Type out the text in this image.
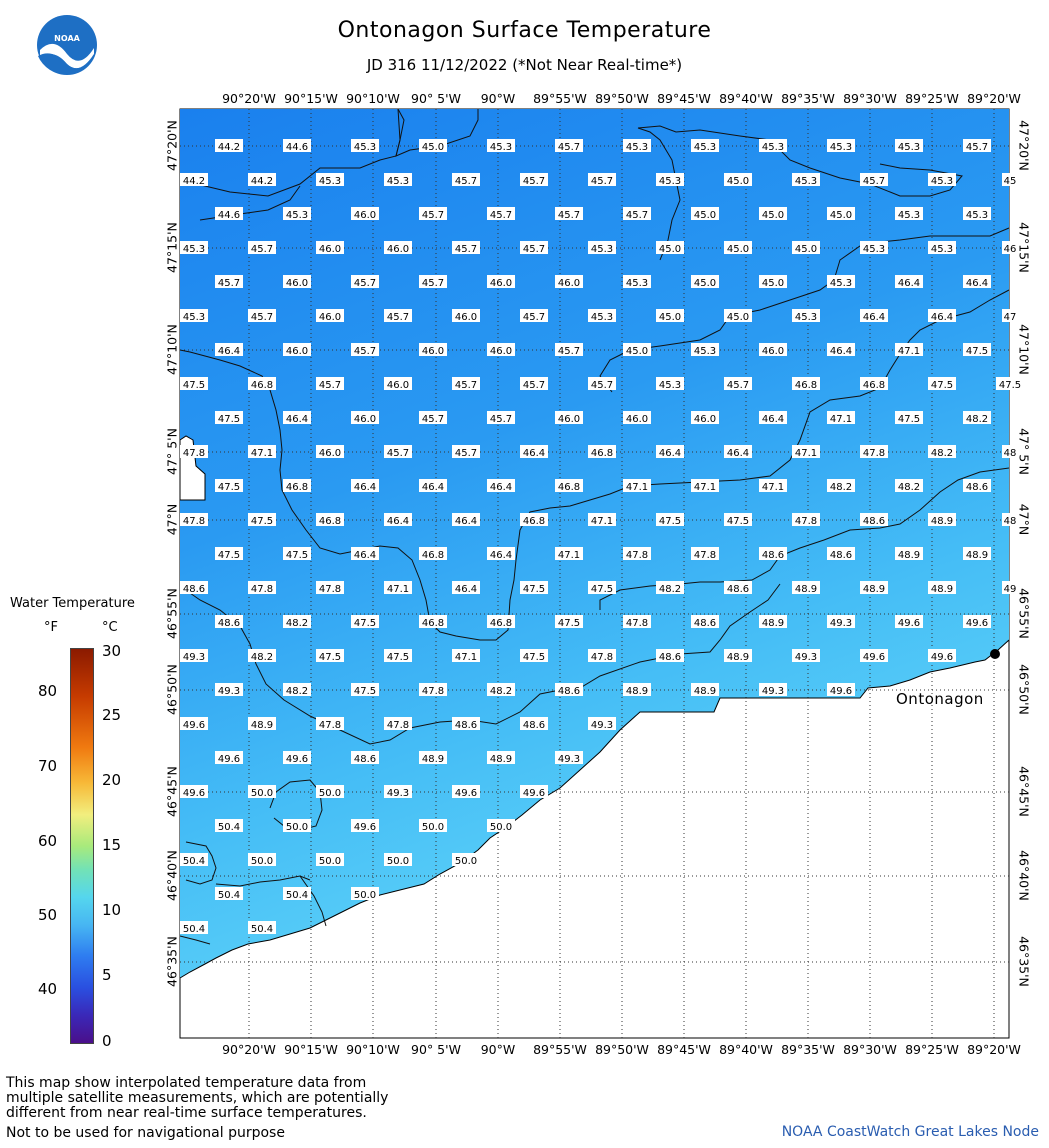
NOAA	Ontonagon Surface Temperature
JD 316 11/12/2022 (*Not Near Real-time*)
44.2	44.6	45.3	45.0	45.3	45.7	45.3	45.3	45.3	45.3	45.3	45.7
44.2	44.2	45.3	45.3	45.7	45.7	45.7	45.3	45.0	45.3	45.7	45.3	45
44.6	45.3	46.0	45.7	45.7	45.7	45.7	45.0	45.0	45.0	45.3	45.3
45.3	45.7	46.0	46.0	45.7	45.7	45.3	45.0	45.0	45.0	45.3	45.3	46
45.7	46.0	45.7	45.7	46.0	46.0	45.3	45.0	45.0	45.3	46.4	46.4
45.3	45.7	46.0	45.7	46.0	45.7	45.3	45.0	45.0	45.3	46.4	46.4	47
46.4	46.0	45.7	46.0	46.0	45.7	45.0	45.3	46.0	46.4	47.1	47.5
47.5	46.8	45.7	46.0	45.7	45.7	45.7	45.3	45.7	46.8	46.8	47.5	47.5
47.5	46.4	46.0	45.7	45.7	46.0	46.0	46.0	46.4	47.1	47.5	48.2
47.8	47.1	46.0	45.7	45.7	46.4	46.8	46.4	46.4	47.1	47.8	48.2	48
47.5	46.8	46.4	46.4	46.4	46.8	47.1	47.1	47.1	48.2	48.2	48.6
47.8	47.5	46.8	46.4	46.4	46.8	47.1	47.5	47.5	47.8	48.6	48.9	48
47.5	47.5	46.4	46.8	46.4	47.1	47.8	47.8	48.6	48.6	48.9	48.9
48.6	47.8	47.8	47.1	46.4	47.5	47.5	48.2	48.6	48.9	48.9	48.9	49
48.6	48.2	47.5	46.8	46.8	47.5	47.8	48.6	48.9	49.3	49.6	49.6
49.3	48.2	47.5	47.5	47.1	47.5	47.8	48.6	48.9	49.3	49.6	49.6
49.3	48.2	47.5	47.8	48.2	48.6	48.9	48.9	49.3	49.6
49.6	48.9	47.8	47.8	48.6	48.6	49.3
49.6	49.6	48.6	48.9	48.9	49.3
49.6	50.0	50.0	49.3	49.6	49.6
50.4	50.0	49.6	50.0	50.0
50.4	50.0	50.0	50.0	50.0
50.4	50.4	50.0
50.4	50.4
Ontonagon
90°20'W 90°15'W 90°10'W 90° 5'W	90°W	89°55'W 89°50'W 89°45'W 89°40'W 89°35'W 89°30'W 89°25'W 89°20'W
90°20'W 90°15'W 90°10'W 90° 5'W	90°W	89°55'W 89°50'W 89°45'W 89°40'W 89°35'W 89°30'W 89°25'W 89°20'W
47°20'N
47°15'N
47°10'N
47° 5'N
47°N
46°55'N
46°50'N
46°45'N
46°40'N
46°35'N
47°20'N
47°15'N
47°10'N
47° 5'N
47°N
46°55'N
46°50'N
46°45'N
46°40'N
46°35'N
Water Temperature
°F	°C
80
70
60
50
40
30
25
20
15
10
5
0
This map show interpolated temperature data from
multiple satellite measurements, which are potentially
different from near real-time surface temperatures.
Not to be used for navigational purpose	NOAA CoastWatch Great Lakes Node
